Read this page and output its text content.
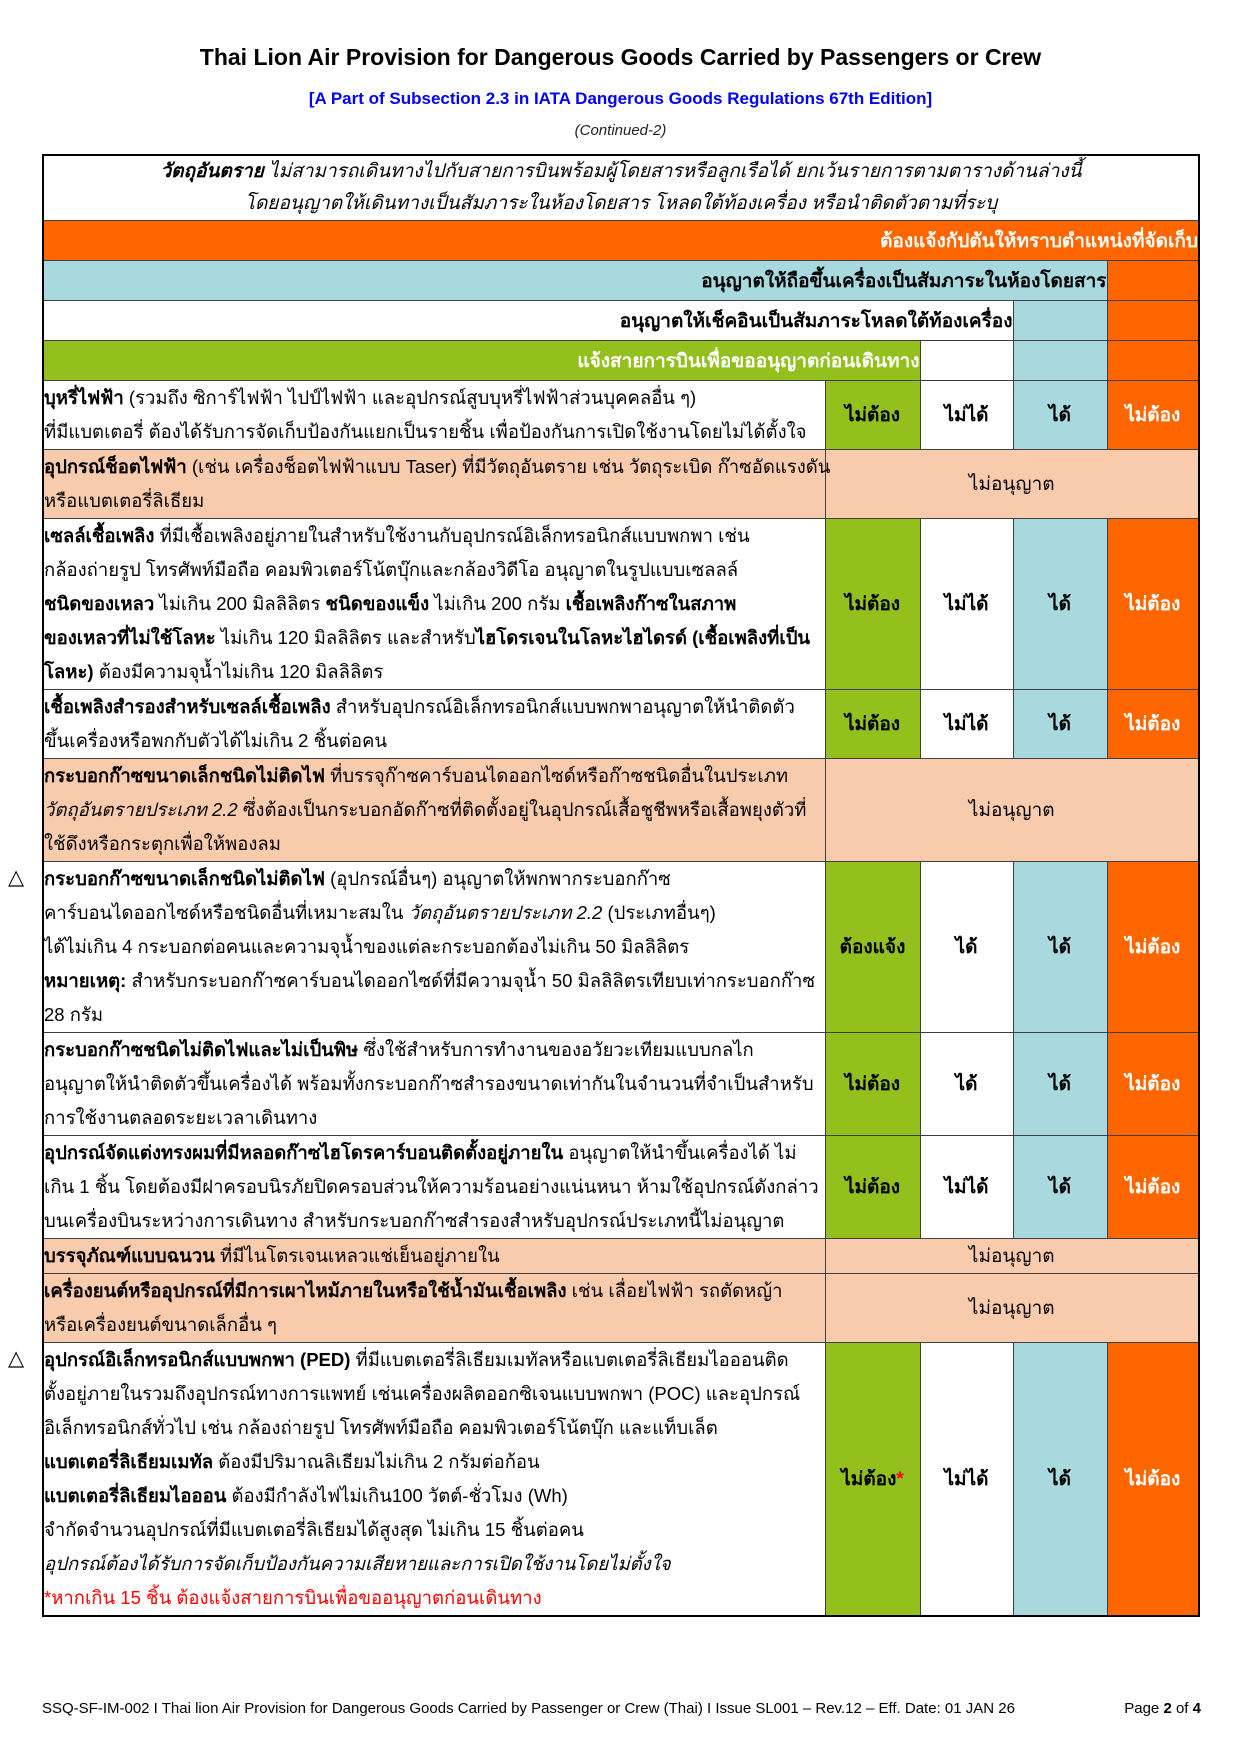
Thai Lion Air Provision for Dangerous Goods Carried by Passengers or Crew
[A Part of Subsection 2.3 in IATA Dangerous Goods Regulations 67th Edition]
(Continued-2)
วัตถุอันตราย ไม่สามารถเดินทางไปกับสายการบินพร้อมผู้โดยสารหรือลูกเรือได้ ยกเว้นรายการตามตารางด้านล่างนี้
โดยอนุญาตให้เดินทางเป็นสัมภาระในห้องโดยสาร โหลดใต้ท้องเครื่อง หรือนำติดตัวตามที่ระบุ				

ต้องแจ้งกัปตันให้ทราบตำแหน่งที่จัดเก็บ				
อนุญาตให้ถือขึ้นเครื่องเป็นสัมภาระในห้องโดยสาร				
อนุญาตให้เช็คอินเป็นสัมภาระโหลดใต้ท้องเครื่อง				
แจ้งสายการบินเพื่อขออนุญาตก่อนเดินทาง				

บุหรี่ไฟฟ้า (รวมถึง ซิการ์ไฟฟ้า ไปป์ไฟฟ้า และอุปกรณ์สูบบุหรี่ไฟฟ้าส่วนบุคคลอื่น ๆ)
ที่มีแบตเตอรี่ ต้องได้รับการจัดเก็บป้องกันแยกเป็นรายชิ้น เพื่อป้องกันการเปิดใช้งานโดยไม่ได้ตั้งใจ	ไม่ต้อง	ไม่ได้	ได้	ไม่ต้อง

อุปกรณ์ช็อตไฟฟ้า (เช่น เครื่องช็อตไฟฟ้าแบบ Taser) ที่มีวัตถุอันตราย เช่น วัตถุระเบิด ก๊าซอัดแรงดัน
หรือแบตเตอรี่ลิเธียม	ไม่อนุญาต			

เซลล์เชื้อเพลิง ที่มีเชื้อเพลิงอยู่ภายในสำหรับใช้งานกับอุปกรณ์อิเล็กทรอนิกส์แบบพกพา เช่น
กล้องถ่ายรูป โทรศัพท์มือถือ คอมพิวเตอร์โน้ตบุ๊กและกล้องวิดีโอ อนุญาตในรูปแบบเซลลล์
ชนิดของเหลว ไม่เกิน 200 มิลลิลิตร ชนิดของแข็ง ไม่เกิน 200 กรัม เชื้อเพลิงก๊าซในสภาพ
ของเหลวที่ไม่ใช้โลหะ ไม่เกิน 120 มิลลิลิตร และสำหรับไฮโดรเจนในโลหะไฮไดรด์ (เชื้อเพลิงที่เป็น
โลหะ) ต้องมีความจุน้ำไม่เกิน 120 มิลลิลิตร	ไม่ต้อง	ไม่ได้	ได้	ไม่ต้อง

เชื้อเพลิงสำรองสำหรับเซลล์เชื้อเพลิง สำหรับอุปกรณ์อิเล็กทรอนิกส์แบบพกพาอนุญาตให้นำติดตัว
ขึ้นเครื่องหรือพกกับตัวได้ไม่เกิน 2 ชิ้นต่อคน	ไม่ต้อง	ไม่ได้	ได้	ไม่ต้อง

กระบอกก๊าซขนาดเล็กชนิดไม่ติดไฟ ที่บรรจุก๊าซคาร์บอนไดออกไซด์หรือก๊าซชนิดอื่นในประเภท
วัตถุอันตรายประเภท 2.2 ซึ่งต้องเป็นกระบอกอัดก๊าซที่ติดตั้งอยู่ในอุปกรณ์เสื้อชูชีพหรือเสื้อพยุงตัวที่
ใช้ดึงหรือกระตุกเพื่อให้พองลม	ไม่อนุญาต			

△ กระบอกก๊าซขนาดเล็กชนิดไม่ติดไฟ (อุปกรณ์อื่นๆ) อนุญาตให้พกพากระบอกก๊าซ
คาร์บอนไดออกไซด์หรือชนิดอื่นที่เหมาะสมใน วัตถุอันตรายประเภท 2.2 (ประเภทอื่นๆ)
ได้ไม่เกิน 4 กระบอกต่อคนและความจุน้ำของแต่ละกระบอกต้องไม่เกิน 50 มิลลิลิตร
หมายเหตุ: สำหรับกระบอกก๊าซคาร์บอนไดออกไซด์ที่มีความจุน้ำ 50 มิลลิลิตรเทียบเท่ากระบอกก๊าซ
28 กรัม
	ต้องแจ้ง	ได้	ได้	ไม่ต้อง

กระบอกก๊าซชนิดไม่ติดไฟและไม่เป็นพิษ ซึ่งใช้สำหรับการทำงานของอวัยวะเทียมแบบกลไก
อนุญาตให้นำติดตัวขึ้นเครื่องได้ พร้อมทั้งกระบอกก๊าซสำรองขนาดเท่ากันในจำนวนที่จำเป็นสำหรับ
การใช้งานตลอดระยะเวลาเดินทาง	ไม่ต้อง	ได้	ได้	ไม่ต้อง

อุปกรณ์จัดแต่งทรงผมที่มีหลอดก๊าซไฮโดรคาร์บอนติดตั้งอยู่ภายใน อนุญาตให้นำขึ้นเครื่องได้ ไม่
เกิน 1 ชิ้น โดยต้องมีฝาครอบนิรภัยปิดครอบส่วนให้ความร้อนอย่างแน่นหนา ห้ามใช้อุปกรณ์ดังกล่าว
บนเครื่องบินระหว่างการเดินทาง สำหรับกระบอกก๊าซสำรองสำหรับอุปกรณ์ประเภทนี้ไม่อนุญาต	ไม่ต้อง	ไม่ได้	ได้	ไม่ต้อง

บรรจุภัณฑ์แบบฉนวน ที่มีไนโตรเจนเหลวแช่เย็นอยู่ภายใน	ไม่อนุญาต			

เครื่องยนต์หรืออุปกรณ์ที่มีการเผาไหม้ภายในหรือใช้น้ำมันเชื้อเพลิง เช่น เลื่อยไฟฟ้า รถตัดหญ้า
หรือเครื่องยนต์ขนาดเล็กอื่น ๆ	ไม่อนุญาต			

△ อุปกรณ์อิเล็กทรอนิกส์แบบพกพา (PED) ที่มีแบตเตอรี่ลิเธียมเมทัลหรือแบตเตอรี่ลิเธียมไอออนติด
ตั้งอยู่ภายในรวมถึงอุปกรณ์ทางการแพทย์ เช่นเครื่องผลิตออกซิเจนแบบพกพา (POC) และอุปกรณ์
อิเล็กทรอนิกส์ทั่วไป เช่น กล้องถ่ายรูป โทรศัพท์มือถือ คอมพิวเตอร์โน้ตบุ๊ก และแท็บเล็ต
แบตเตอรี่ลิเธียมเมทัล ต้องมีปริมาณลิเธียมไม่เกิน 2 กรัมต่อก้อน
แบตเตอรี่ลิเธียมไอออน ต้องมีกำลังไฟไม่เกิน100 วัตต์-ชั่วโมง (Wh)
จำกัดจำนวนอุปกรณ์ที่มีแบตเตอรี่ลิเธียมได้สูงสุด ไม่เกิน 15 ชิ้นต่อคน
อุปกรณ์ต้องได้รับการจัดเก็บป้องกันความเสียหายและการเปิดใช้งานโดยไม่ตั้งใจ
*หากเกิน 15 ชิ้น ต้องแจ้งสายการบินเพื่อขออนุญาตก่อนเดินทาง
	ไม่ต้อง*	ไม่ได้	ได้	ไม่ต้อง
SSQ-SF-IM-002 I Thai lion Air Provision for Dangerous Goods Carried by Passenger or Crew (Thai) I Issue SL001 – Rev.12 – Eff. Date: 01 JAN 26	Page 2 of 4
